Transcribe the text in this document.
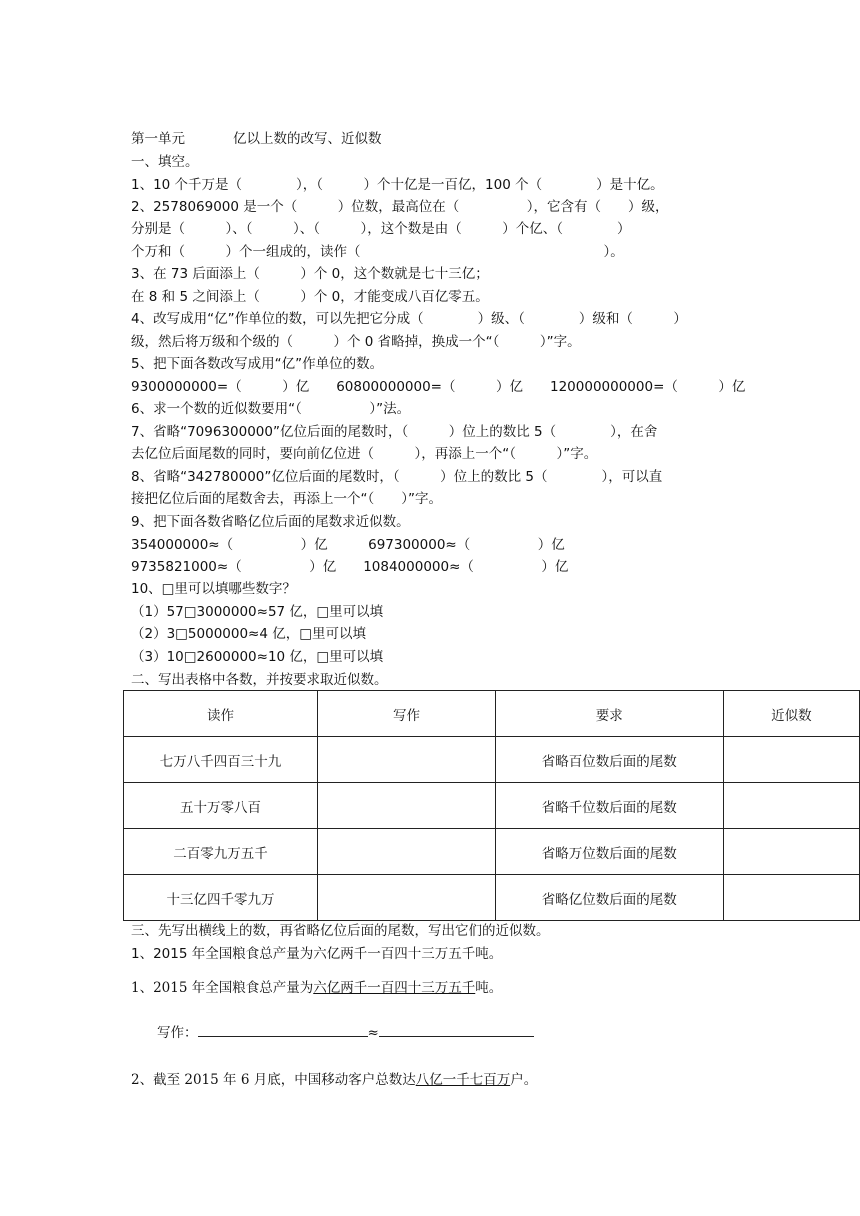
第一单元	亿以上数的改写、近似数
一、填空。
1、10 个千万是（　　　　），（　　　）个十亿是一百亿，100 个（　　　　）是十亿。
2、2578069000 是一个（　　　）位数，最高位在（　　　　　），它含有（　　）级，
分别是（　　　）、（　　　）、（　　　），这个数是由（　　　）个亿、（　　　　）
个万和（　　　）个一组成的，读作（　　　　　　　　　　　　　　　　　　）。
3、在 73 后面添上（　　　）个 0，这个数就是七十三亿；
在 8 和 5 之间添上（　　　）个 0，才能变成八百亿零五。
4、改写成用“亿”作单位的数，可以先把它分成（　　　　）级、（　　　　）级和（　　　）
级，然后将万级和个级的（　　　）个 0 省略掉，换成一个“（　　　）”字。
5、把下面各数改写成用“亿”作单位的数。
9300000000=（　　　）亿　　60800000000=（　　　）亿　　120000000000=（　　　）亿
6、求一个数的近似数要用“（　　　　　）”法。
7、省略“7096300000”亿位后面的尾数时，（　　　）位上的数比 5（　　　　），在舍
去亿位后面尾数的同时，要向前亿位进（　　　），再添上一个“（　　　）”字。
8、省略“342780000”亿位后面的尾数时，（　　　）位上的数比 5（　　　　），可以直
接把亿位后面的尾数舍去，再添上一个“（　　）”字。
9、把下面各数省略亿位后面的尾数求近似数。
354000000≈（　　　　　）亿　　　697300000≈（　　　　　）亿
9735821000≈（　　　　　）亿　　1084000000≈（　　　　　）亿
10、□里可以填哪些数字？
（1）57□3000000≈57 亿，□里可以填
（2）3□5000000≈4 亿，□里可以填
（3）10□2600000≈10 亿，□里可以填
二、写出表格中各数，并按要求取近似数。
读作	写作	要求	近似数
七万八千四百三十九		省略百位数后面的尾数	
五十万零八百		省略千位数后面的尾数	
二百零九万五千		省略万位数后面的尾数	
十三亿四千零九万		省略亿位数后面的尾数	
三、先写出横线上的数，再省略亿位后面的尾数，写出它们的近似数。
1、2015 年全国粮食总产量为六亿两千一百四十三万五千吨。
1、2015 年全国粮食总产量为六亿两千一百四十三万五千吨。
写作：	≈
2、截至 2015 年 6 月底，中国移动客户总数达八亿一千七百万户。
